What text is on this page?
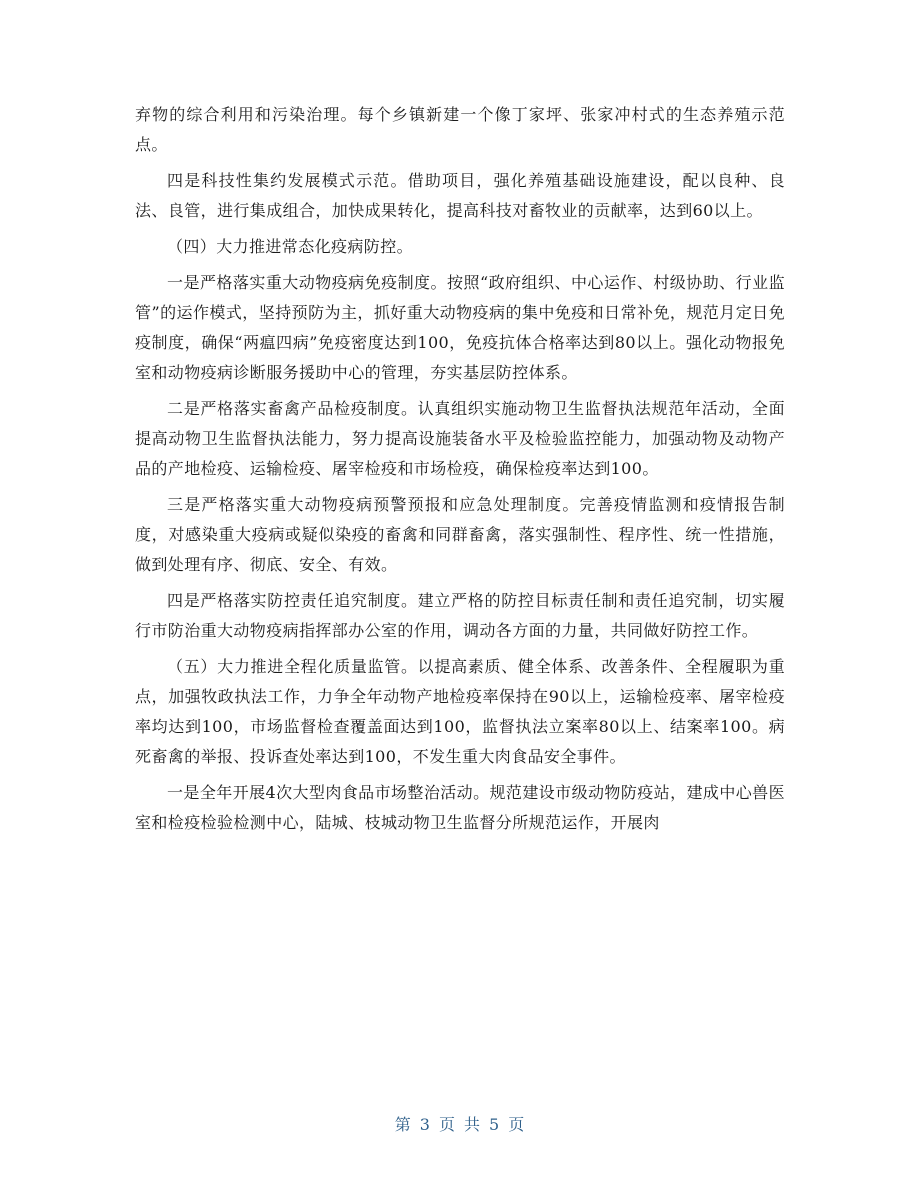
弃物的综合利用和污染治理。每个乡镇新建一个像丁家坪、张家冲村式的生态养殖示范点。

四是科技性集约发展模式示范。借助项目，强化养殖基础设施建设，配以良种、良法、良管，进行集成组合，加快成果转化，提高科技对畜牧业的贡献率，达到60以上。

（四）大力推进常态化疫病防控。

一是严格落实重大动物疫病免疫制度。按照“政府组织、中心运作、村级协助、行业监管”的运作模式，坚持预防为主，抓好重大动物疫病的集中免疫和日常补免，规范月定日免疫制度，确保“两瘟四病”免疫密度达到100，免疫抗体合格率达到80以上。强化动物报免室和动物疫病诊断服务援助中心的管理，夯实基层防控体系。

二是严格落实畜禽产品检疫制度。认真组织实施动物卫生监督执法规范年活动，全面提高动物卫生监督执法能力，努力提高设施装备水平及检验监控能力，加强动物及动物产品的产地检疫、运输检疫、屠宰检疫和市场检疫，确保检疫率达到100。

三是严格落实重大动物疫病预警预报和应急处理制度。完善疫情监测和疫情报告制度，对感染重大疫病或疑似染疫的畜禽和同群畜禽，落实强制性、程序性、统一性措施，做到处理有序、彻底、安全、有效。

四是严格落实防控责任追究制度。建立严格的防控目标责任制和责任追究制，切实履行市防治重大动物疫病指挥部办公室的作用，调动各方面的力量，共同做好防控工作。

（五）大力推进全程化质量监管。以提高素质、健全体系、改善条件、全程履职为重点，加强牧政执法工作，力争全年动物产地检疫率保持在90以上，运输检疫率、屠宰检疫率均达到100，市场监督检查覆盖面达到100，监督执法立案率80以上、结案率100。病死畜禽的举报、投诉查处率达到100，不发生重大肉食品安全事件。

一是全年开展4次大型肉食品市场整治活动。规范建设市级动物防疫站，建成中心兽医室和检疫检验检测中心，陆城、枝城动物卫生监督分所规范运作，开展肉

第 3 页 共 5 页
